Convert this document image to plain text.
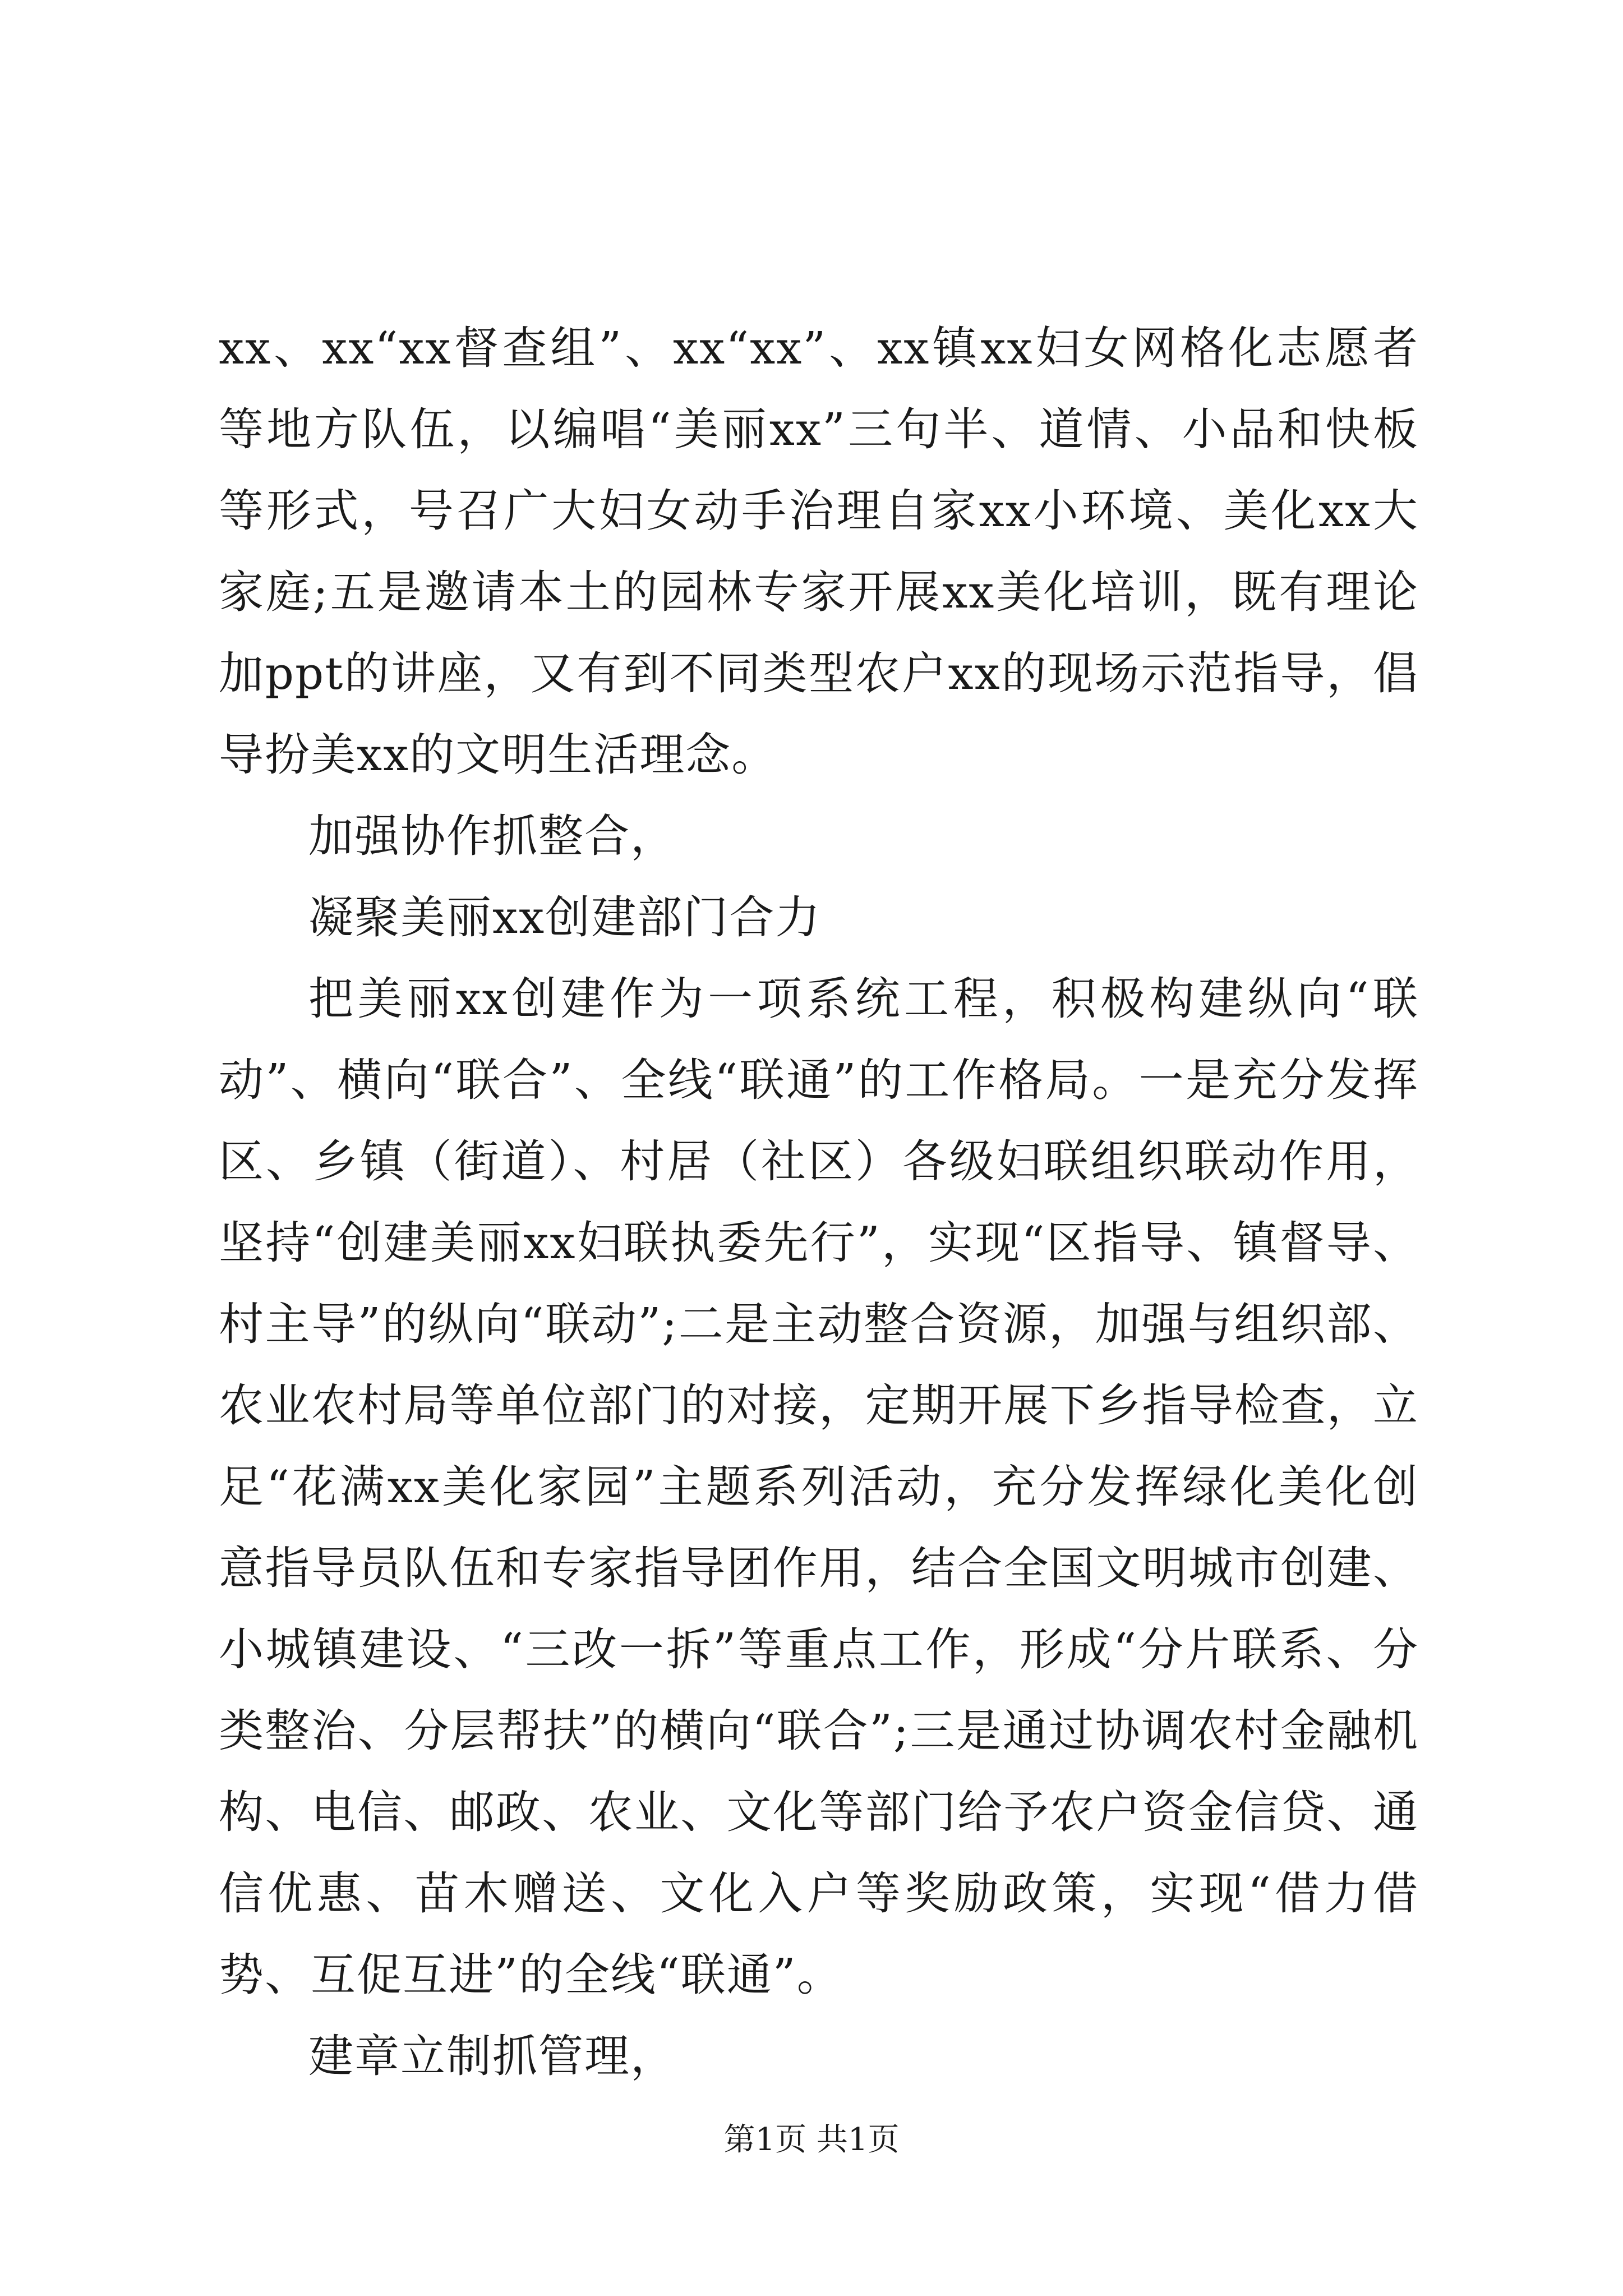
xx、xx“xx督查组”、xx“xx”、xx镇xx妇女网格化志愿者等地方队伍，以编唱“美丽xx”三句半、道情、小品和快板等形式，号召广大妇女动手治理自家xx小环境、美化xx大家庭;五是邀请本土的园林专家开展xx美化培训，既有理论加ppt的讲座，又有到不同类型农户xx的现场示范指导，倡导扮美xx的文明生活理念。

加强协作抓整合，

凝聚美丽xx创建部门合力

把美丽xx创建作为一项系统工程，积极构建纵向“联动”、横向“联合”、全线“联通”的工作格局。一是充分发挥区、乡镇（街道）、村居（社区）各级妇联组织联动作用，坚持“创建美丽xx妇联执委先行”，实现“区指导、镇督导、村主导”的纵向“联动”;二是主动整合资源，加强与组织部、农业农村局等单位部门的对接，定期开展下乡指导检查，立足“花满xx美化家园”主题系列活动，充分发挥绿化美化创意指导员队伍和专家指导团作用，结合全国文明城市创建、小城镇建设、“三改一拆”等重点工作，形成“分片联系、分类整治、分层帮扶”的横向“联合”;三是通过协调农村金融机构、电信、邮政、农业、文化等部门给予农户资金信贷、通信优惠、苗木赠送、文化入户等奖励政策，实现“借力借势、互促互进”的全线“联通”。

建章立制抓管理，

第1页 共1页
